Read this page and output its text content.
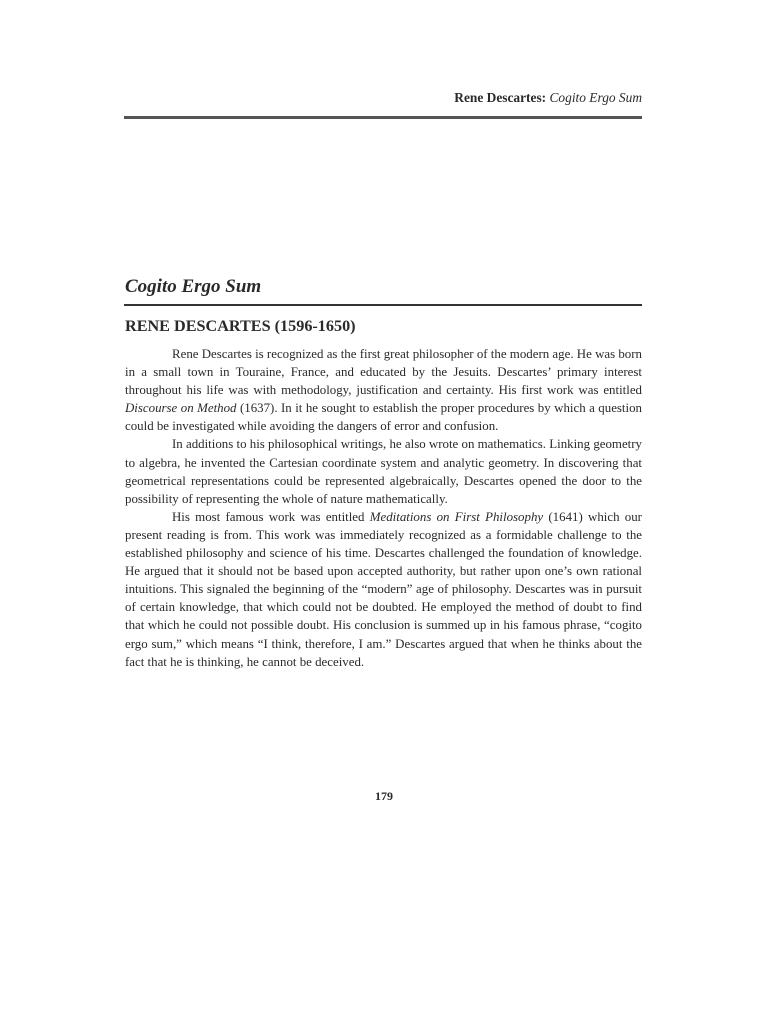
Rene Descartes: Cogito Ergo Sum
Cogito Ergo Sum
RENE DESCARTES (1596-1650)

Rene Descartes is recognized as the first great philosopher of the modern age. He was born in a small town in Touraine, France, and educated by the Jesuits. Descartes’ primary interest throughout his life was with methodology, justification and certainty. His first work was entitled Discourse on Method (1637). In it he sought to establish the proper procedures by which a question could be investigated while avoiding the dangers of error and confusion.

In additions to his philosophical writings, he also wrote on mathematics. Linking geometry to algebra, he invented the Cartesian coordinate system and analytic geometry. In discovering that geometrical representations could be represented algebraically, Descartes opened the door to the possibility of representing the whole of nature mathematically.

His most famous work was entitled Meditations on First Philosophy (1641) which our present reading is from. This work was immediately recognized as a formidable challenge to the established philosophy and science of his time. Descartes challenged the foundation of knowledge. He argued that it should not be based upon accepted authority, but rather upon one’s own rational intuitions. This signaled the beginning of the “modern” age of philosophy. Descartes was in pursuit of certain knowledge, that which could not be doubted. He employed the method of doubt to find that which he could not possible doubt. His conclusion is summed up in his famous phrase, “cogito ergo sum,” which means “I think, therefore, I am.” Descartes argued that when he thinks about the fact that he is thinking, he cannot be deceived.

179
